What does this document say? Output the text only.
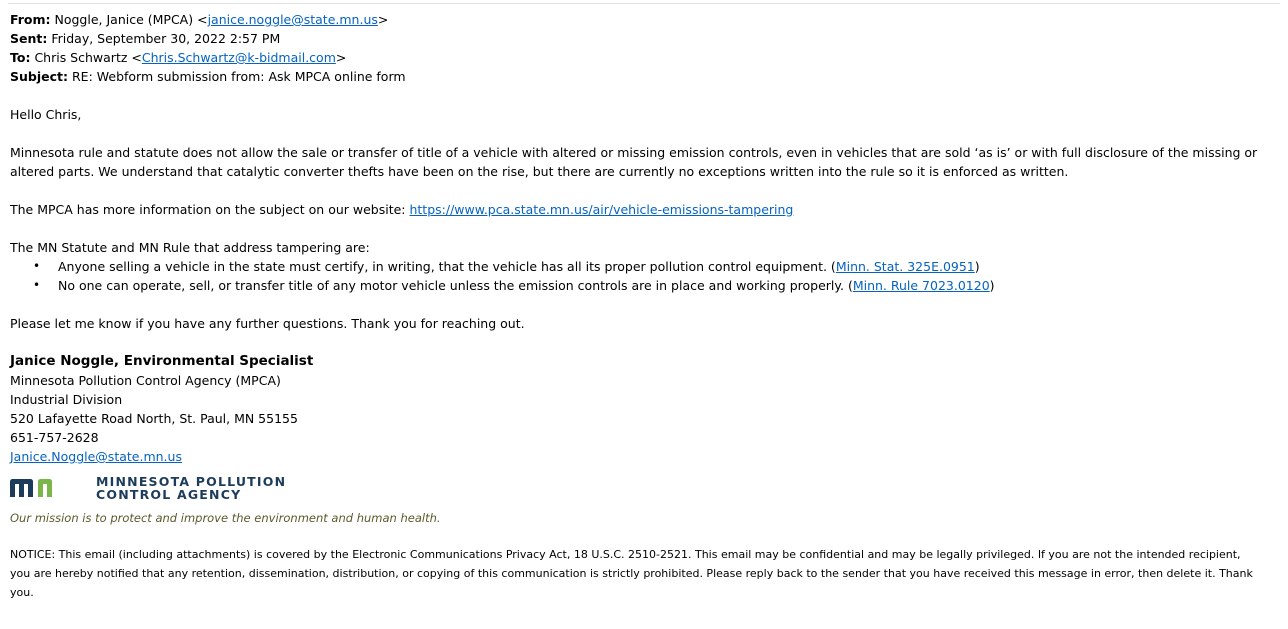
From: Noggle, Janice (MPCA) <janice.noggle@state.mn.us>
Sent: Friday, September 30, 2022 2:57 PM
To: Chris Schwartz <Chris.Schwartz@k-bidmail.com>
Subject: RE: Webform submission from: Ask MPCA online form
Hello Chris,
Minnesota rule and statute does not allow the sale or transfer of title of a vehicle with altered or missing emission controls, even in vehicles that are sold ‘as is’ or with full disclosure of the missing or altered parts. We understand that catalytic converter thefts have been on the rise, but there are currently no exceptions written into the rule so it is enforced as written.
The MPCA has more information on the subject on our website: https://www.pca.state.mn.us/air/vehicle-emissions-tampering
The MN Statute and MN Rule that address tampering are:
• Anyone selling a vehicle in the state must certify, in writing, that the vehicle has all its proper pollution control equipment. (Minn. Stat. 325E.0951)
• No one can operate, sell, or transfer title of any motor vehicle unless the emission controls are in place and working properly. (Minn. Rule 7023.0120)
Please let me know if you have any further questions. Thank you for reaching out.
Janice Noggle, Environmental Specialist
Minnesota Pollution Control Agency (MPCA)
Industrial Division
520 Lafayette Road North, St. Paul, MN 55155
651-757-2628
Janice.Noggle@state.mn.us
MINNESOTA POLLUTION
CONTROL AGENCY
Our mission is to protect and improve the environment and human health.
NOTICE: This email (including attachments) is covered by the Electronic Communications Privacy Act, 18 U.S.C. 2510-2521. This email may be confidential and may be legally privileged. If you are not the intended recipient, you are hereby notified that any retention, dissemination, distribution, or copying of this communication is strictly prohibited. Please reply back to the sender that you have received this message in error, then delete it. Thank you.
